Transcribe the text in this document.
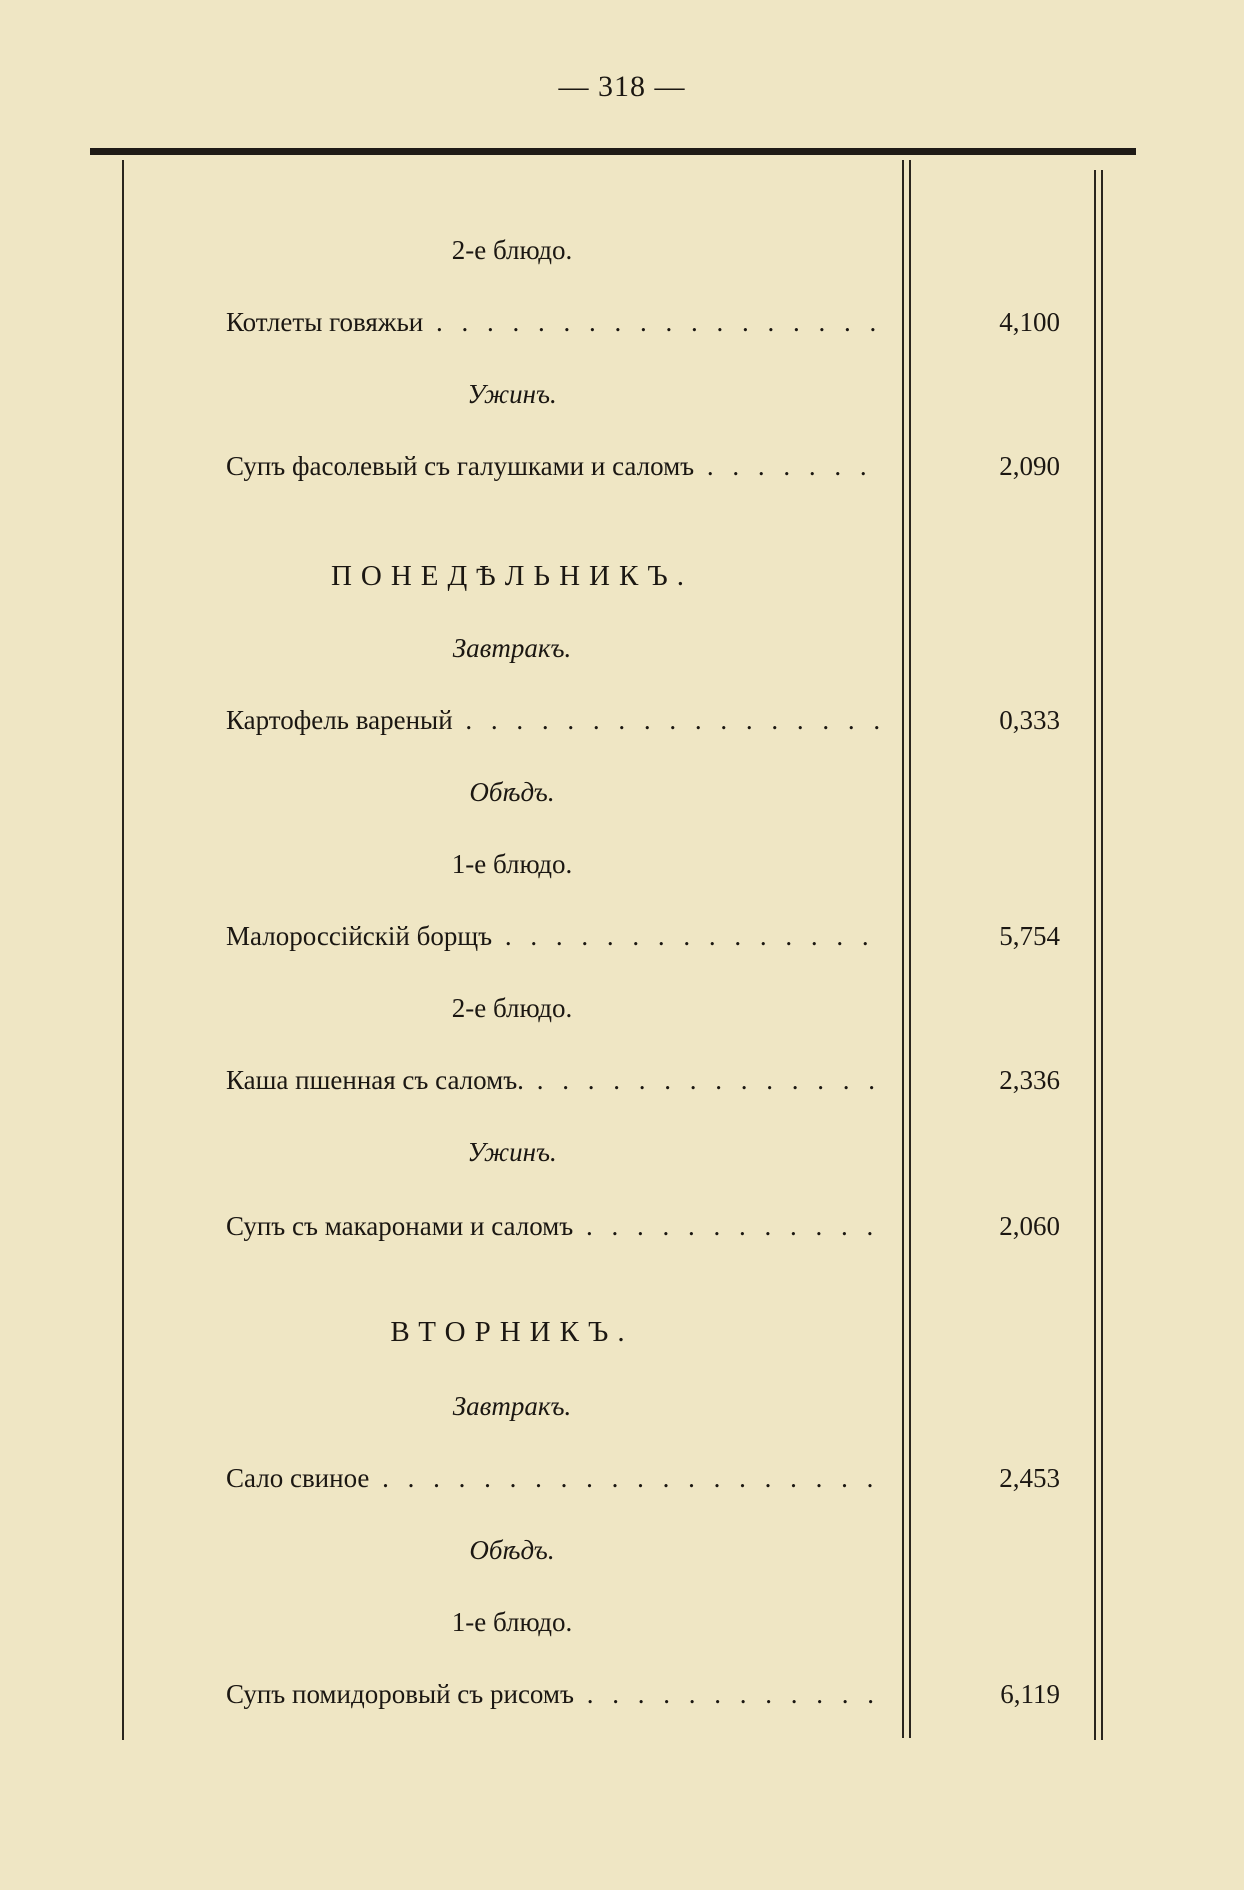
— 318 —
2-е блюдо.
Котлеты говяжьи . . .	4,100
Ужинъ.
Супъ фасолевый съ галушками и саломъ . . .	2,090
ПОНЕДѢЛЬНИКЪ.
Завтракъ.
Картофель вареный . . .	0,333
Обѣдъ.
1-е блюдо.
Малороссійскій борщъ . . .	5,754
2-е блюдо.
Каша пшенная съ саломъ. . . .	2,336
Ужинъ.
Супъ съ макаронами и саломъ . . .	2,060
ВТОРНИКЪ.
Завтракъ.
Сало свиное . . .	2,453
Обѣдъ.
1-е блюдо.
Супъ помидоровый съ рисомъ . . .	6,119
